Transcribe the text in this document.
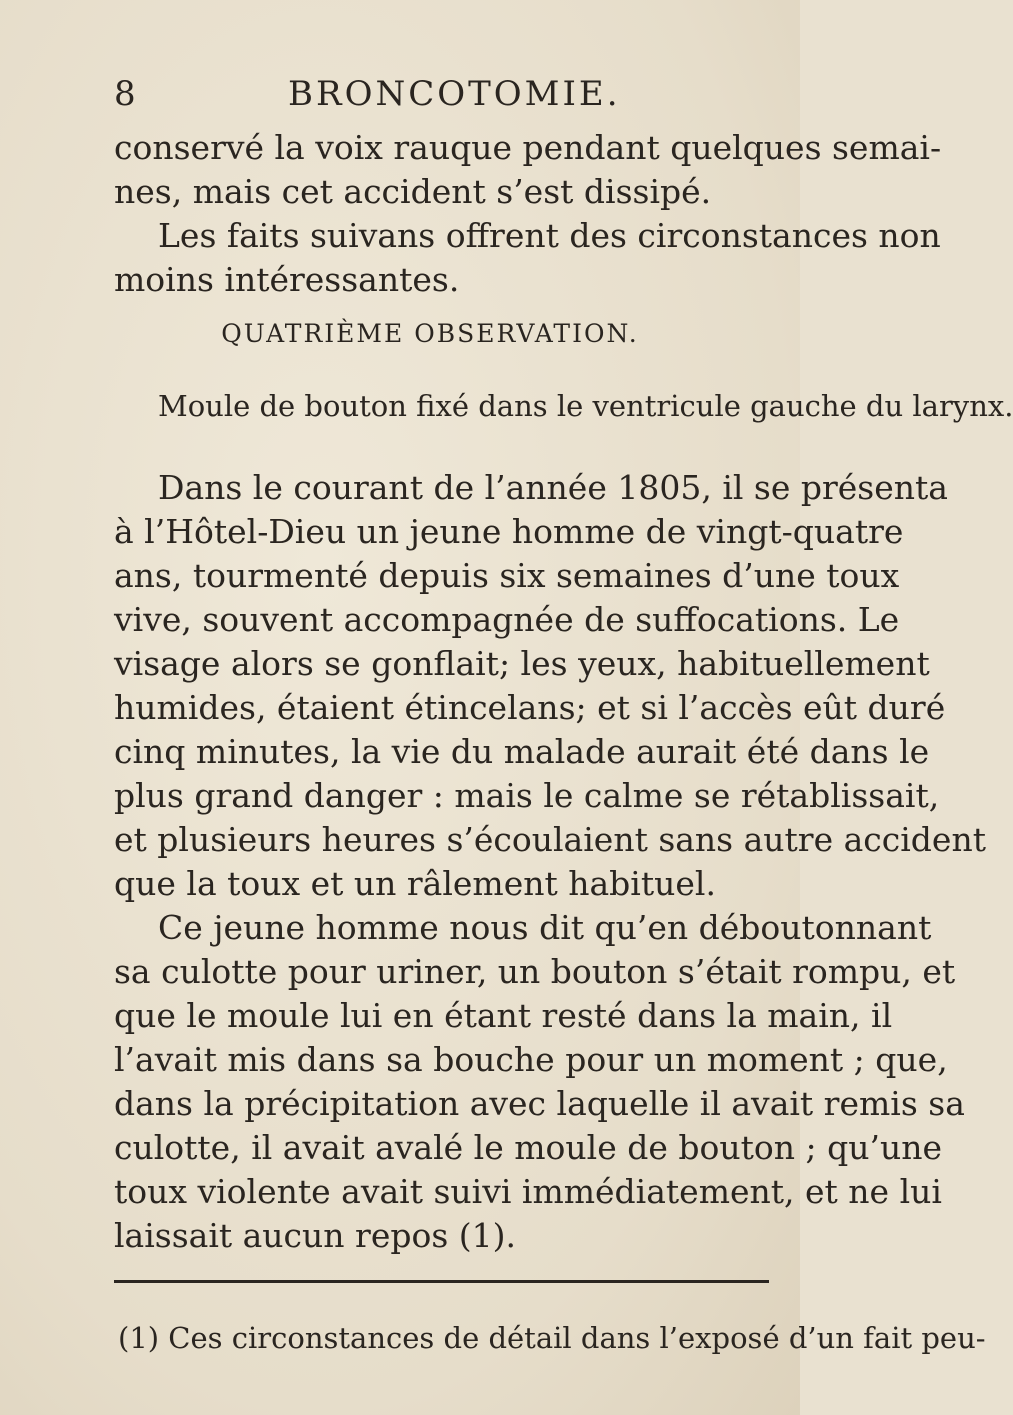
8	BRONCOTOMIE.
conservé la voix rauque pendant quelques semai-
nes, mais cet accident s’est dissipé.
Les faits suivans offrent des circonstances non
moins intéressantes.
QUATRIÈME OBSERVATION.
Moule de bouton fixé dans le ventricule gauche du larynx.
Dans le courant de l’année 1805, il se présenta
à l’Hôtel-Dieu un jeune homme de vingt-quatre
ans, tourmenté depuis six semaines d’une toux
vive, souvent accompagnée de suffocations. Le
visage alors se gonflait; les yeux, habituellement
humides, étaient étincelans; et si l’accès eût duré
cinq minutes, la vie du malade aurait été dans le
plus grand danger : mais le calme se rétablissait,
et plusieurs heures s’écoulaient sans autre accident
que la toux et un râlement habituel.
Ce jeune homme nous dit qu’en déboutonnant
sa culotte pour uriner, un bouton s’était rompu, et
que le moule lui en étant resté dans la main, il
l’avait mis dans sa bouche pour un moment ; que,
dans la précipitation avec laquelle il avait remis sa
culotte, il avait avalé le moule de bouton ; qu’une
toux violente avait suivi immédiatement, et ne lui
laissait aucun repos (1).
(1) Ces circonstances de détail dans l’exposé d’un fait peu-
